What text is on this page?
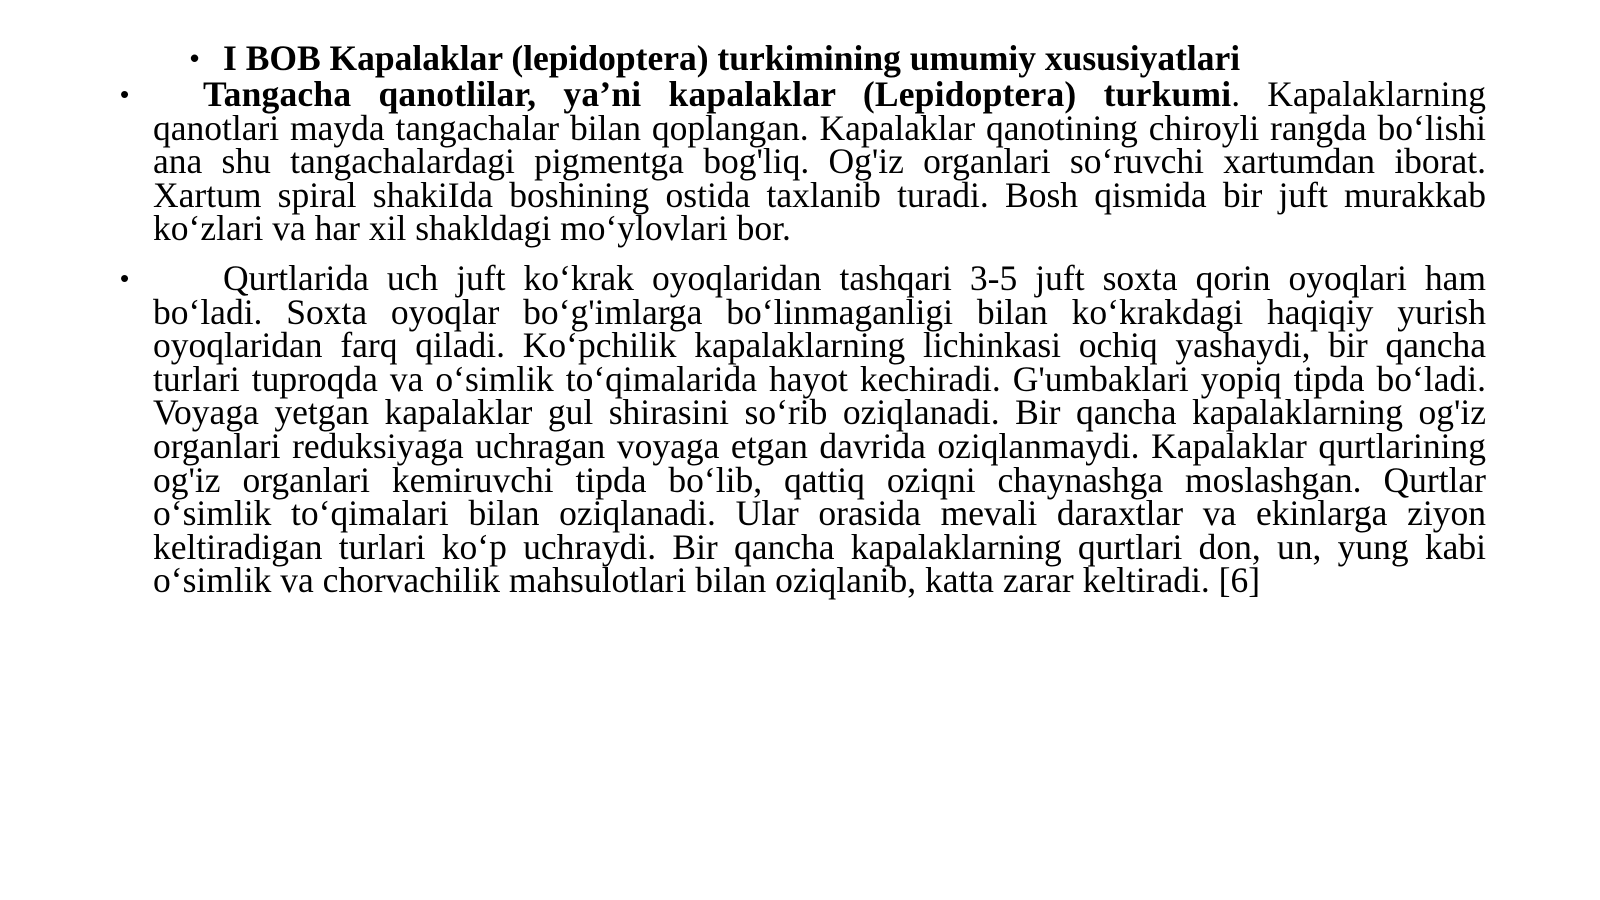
• I BOB Kapalaklar (lepidoptera) turkimining umumiy xususiyatlari
• Tangacha qanotlilar, ya’ni kapalaklar (Lepidoptera) turkumi. Kapalaklarning qanotlari mayda tangachalar bilan qoplangan. Kapalaklar qanotining chiroyli rangda bo‘lishi ana shu tangachalardagi pigmentga bog'liq. Og'iz organlari so‘ruvchi xartumdan iborat. Xartum spiral shakiIda boshining ostida taxlanib turadi. Bosh qismida bir juft murakkab ko‘zlari va har xil shakldagi mo‘ylovlari bor.
•	Qurtlarida uch juft ko‘krak oyoqlaridan tashqari 3-5 juft soxta qorin oyoqlari ham bo‘ladi. Soxta oyoqlar bo‘g'imlarga bo‘linmaganligi bilan ko‘krakdagi haqiqiy yurish oyoqlaridan farq qiladi. Ko‘pchilik kapalaklarning lichinkasi ochiq yashaydi, bir qancha turlari tuproqda va o‘simlik to‘qimalarida hayot kechiradi. G'umbaklari yopiq tipda bo‘ladi. Voyaga yetgan kapalaklar gul shirasini so‘rib oziqlanadi. Bir qancha kapalaklarning og'iz organlari reduksiyaga uchragan voyaga etgan davrida oziqlanmaydi. Kapalaklar qurtlarining og'iz organlari kemiruvchi tipda bo‘lib, qattiq oziqni chaynashga moslashgan. Qurtlar o‘simlik to‘qimalari bilan oziqlanadi. Ular orasida mevali daraxtlar va ekinlarga ziyon keltiradigan turlari ko‘p uchraydi. Bir qancha kapalaklarning qurtlari don, un, yung kabi o‘simlik va chorvachilik mahsulotlari bilan oziqlanib, katta zarar keltiradi. [6]
